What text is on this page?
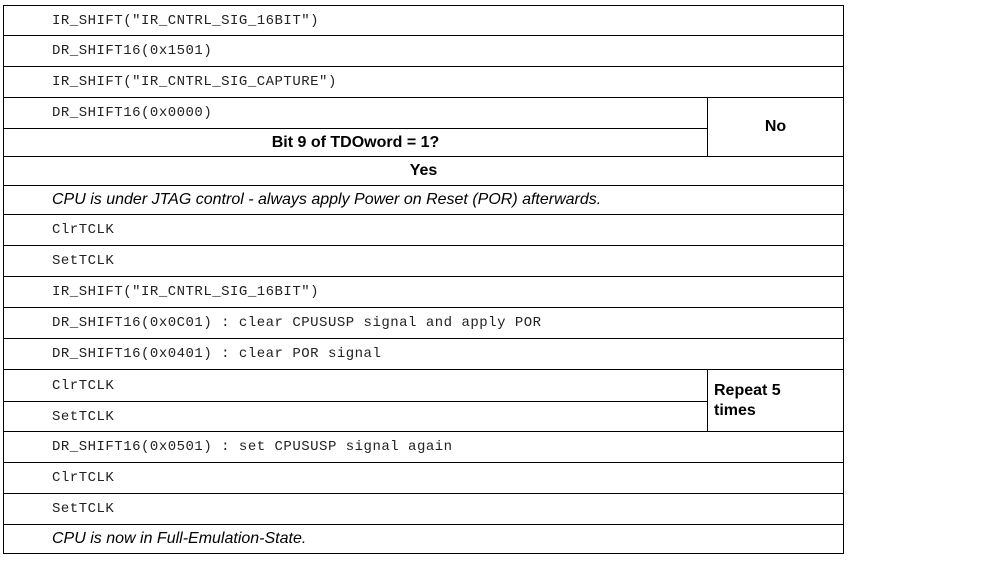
IR_SHIFT("IR_CNTRL_SIG_16BIT")
DR_SHIFT16(0x1501)
IR_SHIFT("IR_CNTRL_SIG_CAPTURE")
DR_SHIFT16(0x0000)
Bit 9 of TDOword = 1?
No
Yes
CPU is under JTAG control - always apply Power on Reset (POR) afterwards.
ClrTCLK
SetTCLK
IR_SHIFT("IR_CNTRL_SIG_16BIT")
DR_SHIFT16(0x0C01) : clear CPUSUSP signal and apply POR
DR_SHIFT16(0x0401) : clear POR signal
ClrTCLK
SetTCLK
Repeat 5
times
DR_SHIFT16(0x0501) : set CPUSUSP signal again
ClrTCLK
SetTCLK
CPU is now in Full-Emulation-State.
